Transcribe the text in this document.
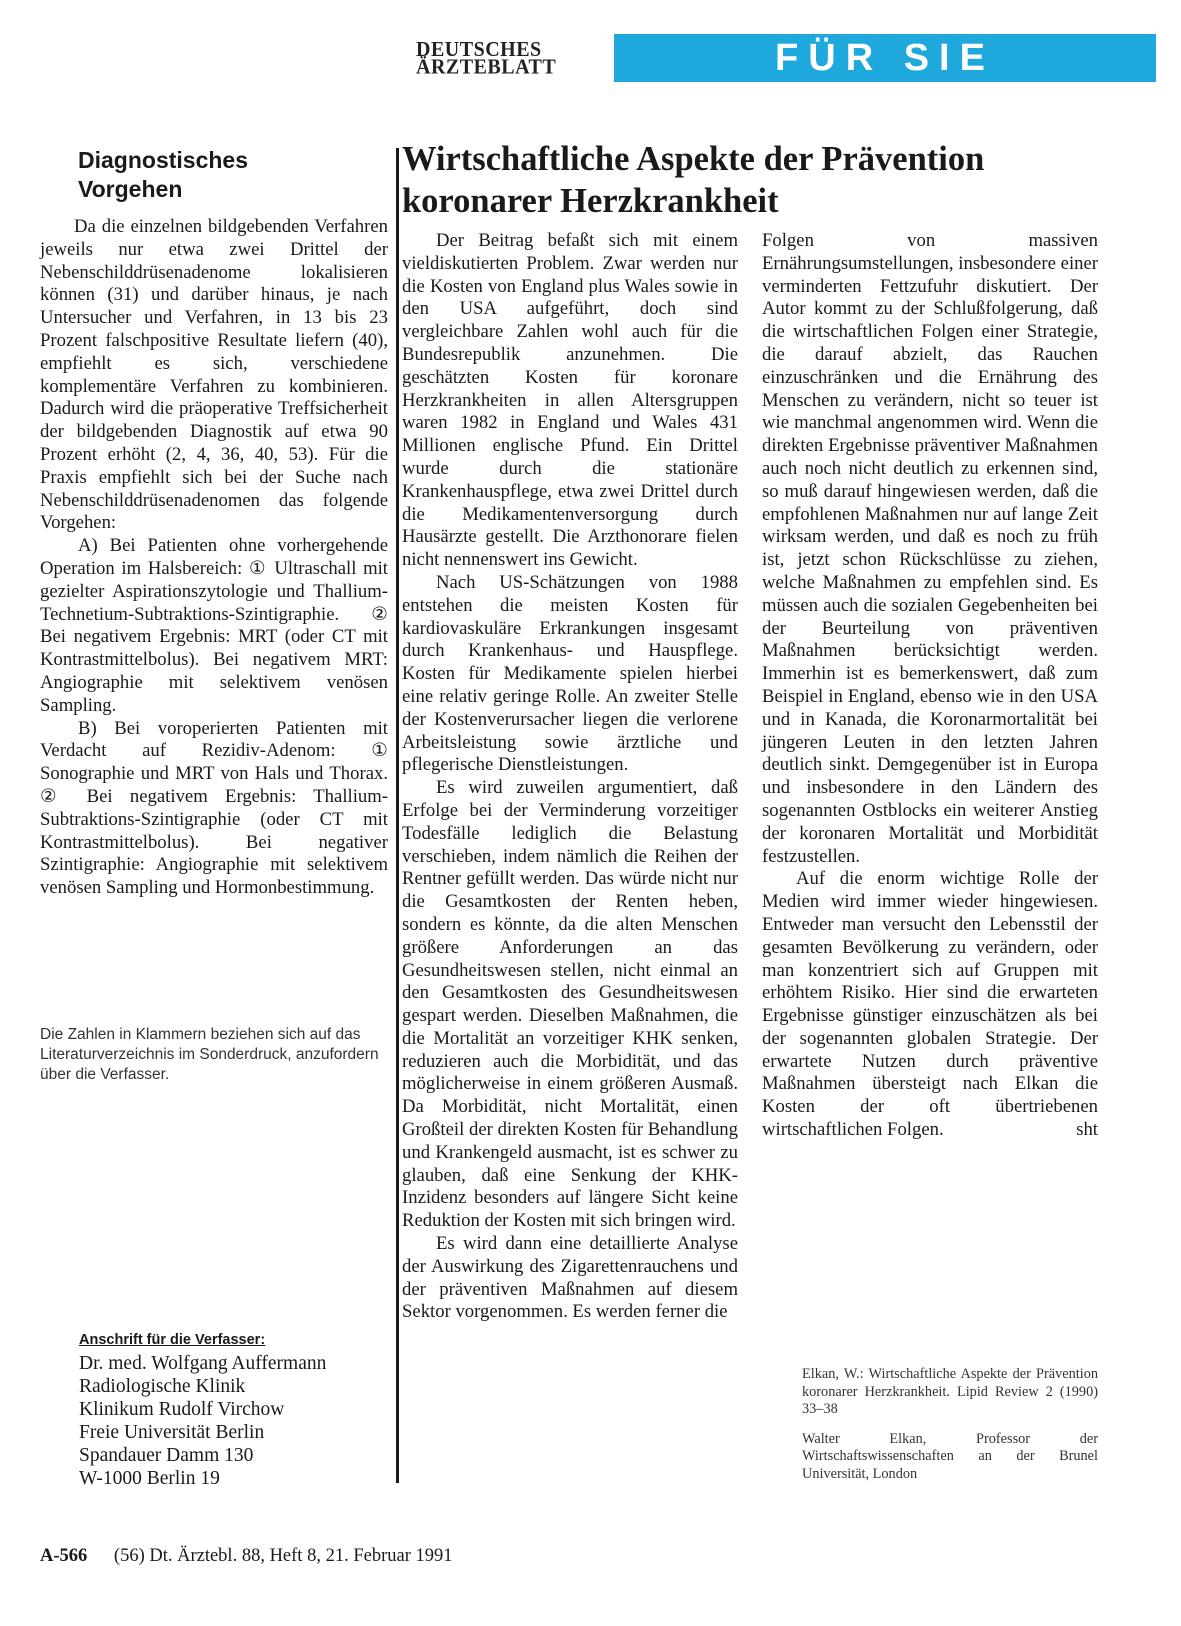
DEUTSCHES
ÄRZTEBLATT	FÜR SIE REFERIERT
Diagnostisches
Vorgehen

Da die einzelnen bildgebenden Verfahren jeweils nur etwa zwei Drittel der Nebenschilddrüsenadenome lokalisieren können (31) und darüber hinaus, je nach Untersucher und Verfahren, in 13 bis 23 Prozent falschpositive Resultate liefern (40), empfiehlt es sich, verschiedene komplementäre Verfahren zu kombinieren. Dadurch wird die präoperative Treffsicherheit der bildgebenden Diagnostik auf etwa 90 Prozent erhöht (2, 4, 36, 40, 53). Für die Praxis empfiehlt sich bei der Suche nach Nebenschilddrüsenadenomen das folgende Vorgehen:

A) Bei Patienten ohne vorhergehende Operation im Halsbereich: ① Ultraschall mit gezielter Aspirationszytologie und Thallium-Technetium-Subtraktions-Szintigraphie. ② Bei negativem Ergebnis: MRT (oder CT mit Kontrastmittelbolus). Bei negativem MRT: Angiographie mit selektivem venösen Sampling.

B) Bei voroperierten Patienten mit Verdacht auf Rezidiv-Adenom: ① Sonographie und MRT von Hals und Thorax. ② Bei negativem Ergebnis: Thallium-Subtraktions-Szintigraphie (oder CT mit Kontrastmittelbolus). Bei negativer Szintigraphie: Angiographie mit selektivem venösen Sampling und Hormonbestimmung.

Die Zahlen in Klammern beziehen sich auf das Literaturverzeichnis im Sonderdruck, anzufordern über die Verfasser.
Anschrift für die Verfasser:
Dr. med. Wolfgang Auffermann
Radiologische Klinik
Klinikum Rudolf Virchow
Freie Universität Berlin
Spandauer Damm 130
W-1000 Berlin 19
Wirtschaftliche Aspekte der Prävention
koronarer Herzkrankheit

Der Beitrag befaßt sich mit einem vieldiskutierten Problem. Zwar werden nur die Kosten von England plus Wales sowie in den USA aufgeführt, doch sind vergleichbare Zahlen wohl auch für die Bundesrepublik anzunehmen. Die geschätzten Kosten für koronare Herzkrankheiten in allen Altersgruppen waren 1982 in England und Wales 431 Millionen englische Pfund. Ein Drittel wurde durch die stationäre Krankenhauspflege, etwa zwei Drittel durch die Medikamentenversorgung durch Hausärzte gestellt. Die Arzthonorare fielen nicht nennenswert ins Gewicht.

Nach US-Schätzungen von 1988 entstehen die meisten Kosten für kardiovaskuläre Erkrankungen insgesamt durch Krankenhaus- und Hauspflege. Kosten für Medikamente spielen hierbei eine relativ geringe Rolle. An zweiter Stelle der Kostenverursacher liegen die verlorene Arbeitsleistung sowie ärztliche und pflegerische Dienstleistungen.

Es wird zuweilen argumentiert, daß Erfolge bei der Verminderung vorzeitiger Todesfälle lediglich die Belastung verschieben, indem nämlich die Reihen der Rentner gefüllt werden. Das würde nicht nur die Gesamtkosten der Renten heben, sondern es könnte, da die alten Menschen größere Anforderungen an das Gesundheitswesen stellen, nicht einmal an den Gesamtkosten des Gesundheitswesen gespart werden. Dieselben Maßnahmen, die die Mortalität an vorzeitiger KHK senken, reduzieren auch die Morbidität, und das möglicherweise in einem größeren Ausmaß. Da Morbidität, nicht Mortalität, einen Großteil der direkten Kosten für Behandlung und Krankengeld ausmacht, ist es schwer zu glauben, daß eine Senkung der KHK-Inzidenz besonders auf längere Sicht keine Reduktion der Kosten mit sich bringen wird.

Es wird dann eine detaillierte Analyse der Auswirkung des Zigarettenrauchens und der präventiven Maßnahmen auf diesem Sektor vorgenommen. Es werden ferner die

Folgen von massiven Ernährungsumstellungen, insbesondere einer verminderten Fettzufuhr diskutiert. Der Autor kommt zu der Schlußfolgerung, daß die wirtschaftlichen Folgen einer Strategie, die darauf abzielt, das Rauchen einzuschränken und die Ernährung des Menschen zu verändern, nicht so teuer ist wie manchmal angenommen wird. Wenn die direkten Ergebnisse präventiver Maßnahmen auch noch nicht deutlich zu erkennen sind, so muß darauf hingewiesen werden, daß die empfohlenen Maßnahmen nur auf lange Zeit wirksam werden, und daß es noch zu früh ist, jetzt schon Rückschlüsse zu ziehen, welche Maßnahmen zu empfehlen sind. Es müssen auch die sozialen Gegebenheiten bei der Beurteilung von präventiven Maßnahmen berücksichtigt werden. Immerhin ist es bemerkenswert, daß zum Beispiel in England, ebenso wie in den USA und in Kanada, die Koronarmortalität bei jüngeren Leuten in den letzten Jahren deutlich sinkt. Demgegenüber ist in Europa und insbesondere in den Ländern des sogenannten Ostblocks ein weiterer Anstieg der koronaren Mortalität und Morbidität festzustellen.

Auf die enorm wichtige Rolle der Medien wird immer wieder hingewiesen. Entweder man versucht den Lebensstil der gesamten Bevölkerung zu verändern, oder man konzentriert sich auf Gruppen mit erhöhtem Risiko. Hier sind die erwarteten Ergebnisse günstiger einzuschätzen als bei der sogenannten globalen Strategie. Der erwartete Nutzen durch präventive Maßnahmen übersteigt nach Elkan die Kosten der oft übertriebenen wirtschaftlichen Folgen.	sht

Elkan, W.: Wirtschaftliche Aspekte der Prävention koronarer Herzkrankheit. Lipid Review 2 (1990) 33–38

Walter Elkan, Professor der Wirtschaftswissenschaften an der Brunel Universität, London

A-566 (56) Dt. Ärztebl. 88, Heft 8, 21. Februar 1991
